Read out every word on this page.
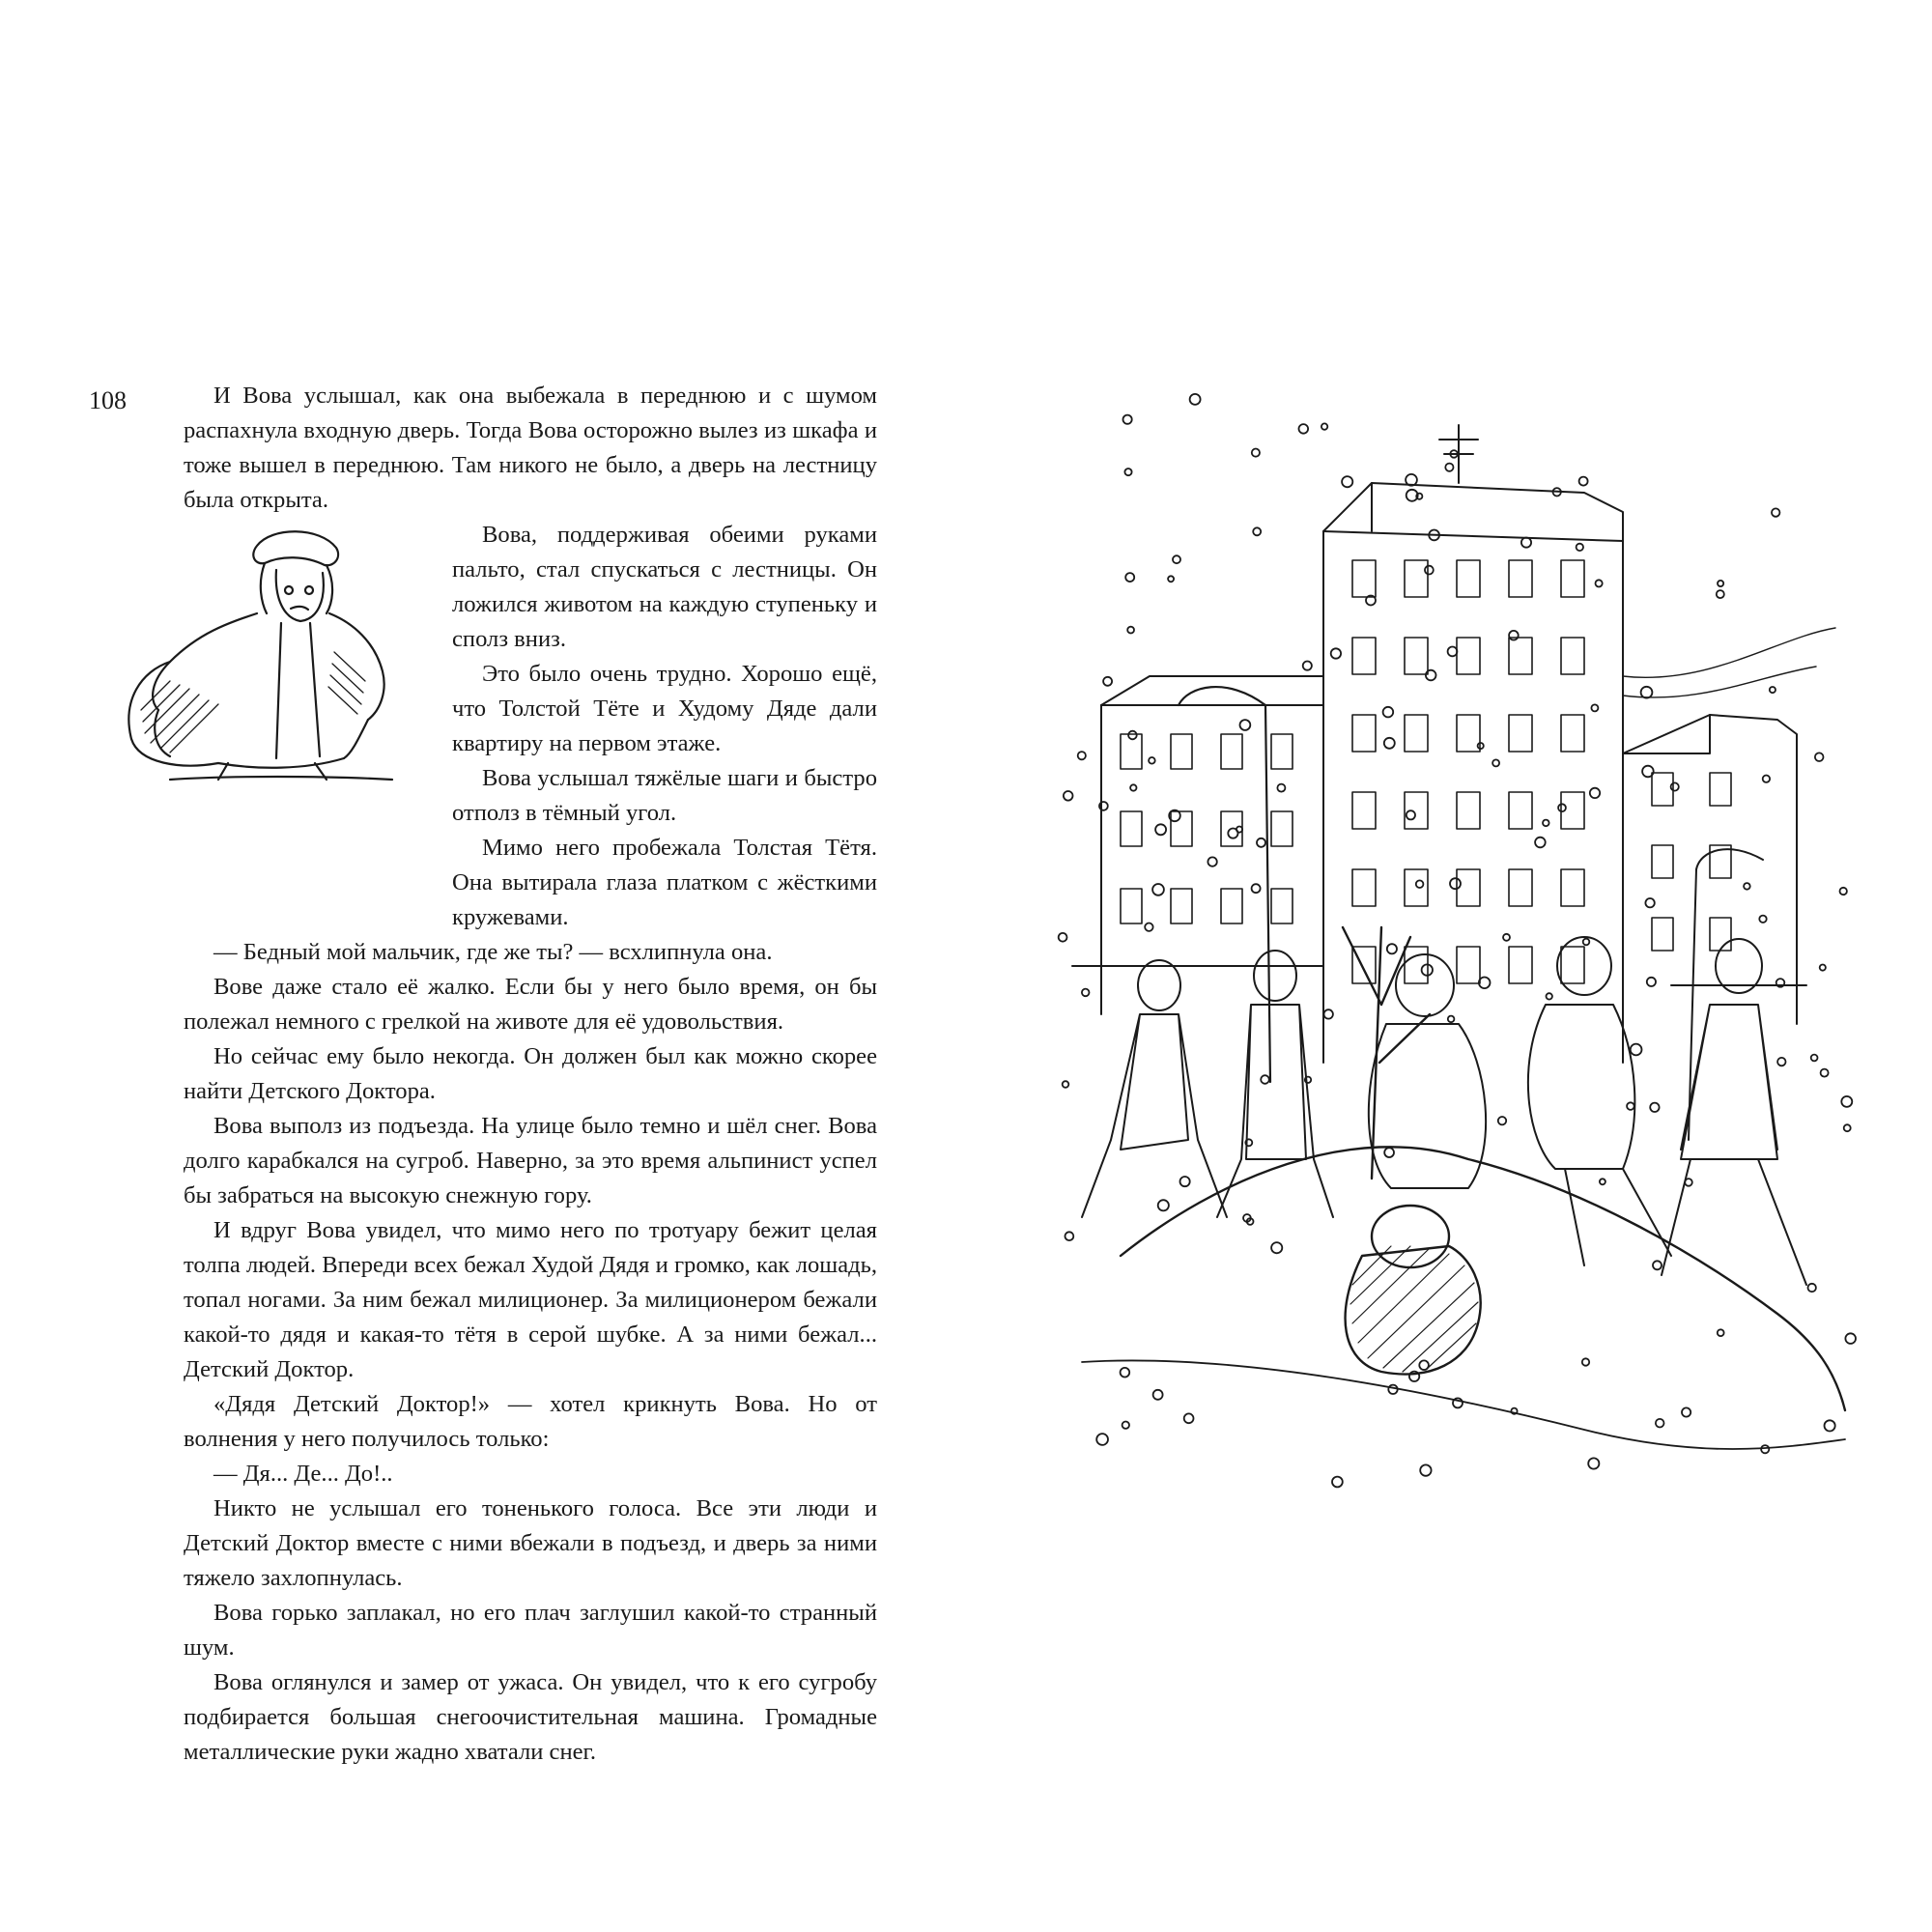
108	И Вова услышал, как она выбежала в переднюю и с шумом распахнула входную дверь. Тогда Вова осторожно вылез из шкафа и тоже вышел в переднюю. Там никого не было, а дверь на лестницу была открыта.

Вова, поддерживая обеими руками пальто, стал спускаться с лестницы. Он ложился животом на каждую ступеньку и сполз вниз.

Это было очень трудно. Хорошо ещё, что Толстой Тёте и Худому Дяде дали квартиру на первом этаже.

Вова услышал тяжёлые шаги и быстро отполз в тёмный угол.

Мимо него пробежала Толстая Тётя. Она вытирала глаза платком с жёсткими кружевами.

— Бедный мой мальчик, где же ты? — всхлипнула она.

Вове даже стало её жалко. Если бы у него было время, он бы полежал немного с грелкой на животе для её удовольствия.

Но сейчас ему было некогда. Он должен был как можно скорее найти Детского Доктора.

Вова выполз из подъезда. На улице было темно и шёл снег. Вова долго карабкался на сугроб. Наверно, за это время альпинист успел бы забраться на высокую снежную гору.

И вдруг Вова увидел, что мимо него по тротуару бежит целая толпа людей. Впереди всех бежал Худой Дядя и громко, как лошадь, топал ногами. За ним бежал милиционер. За милиционером бежали какой-то дядя и какая-то тётя в серой шубке. А за ними бежал... Детский Доктор.

«Дядя Детский Доктор!» — хотел крикнуть Вова. Но от волнения у него получилось только:

— Дя... Де... До!..

Никто не услышал его тоненького голоса. Все эти люди и Детский Доктор вместе с ними вбежали в подъезд, и дверь за ними тяжело захлопнулась.

Вова горько заплакал, но его плач заглушил какой-то странный шум.

Вова оглянулся и замер от ужаса. Он увидел, что к его сугробу подбирается большая снегоочистительная машина. Громадные металлические руки жадно хватали снег.
